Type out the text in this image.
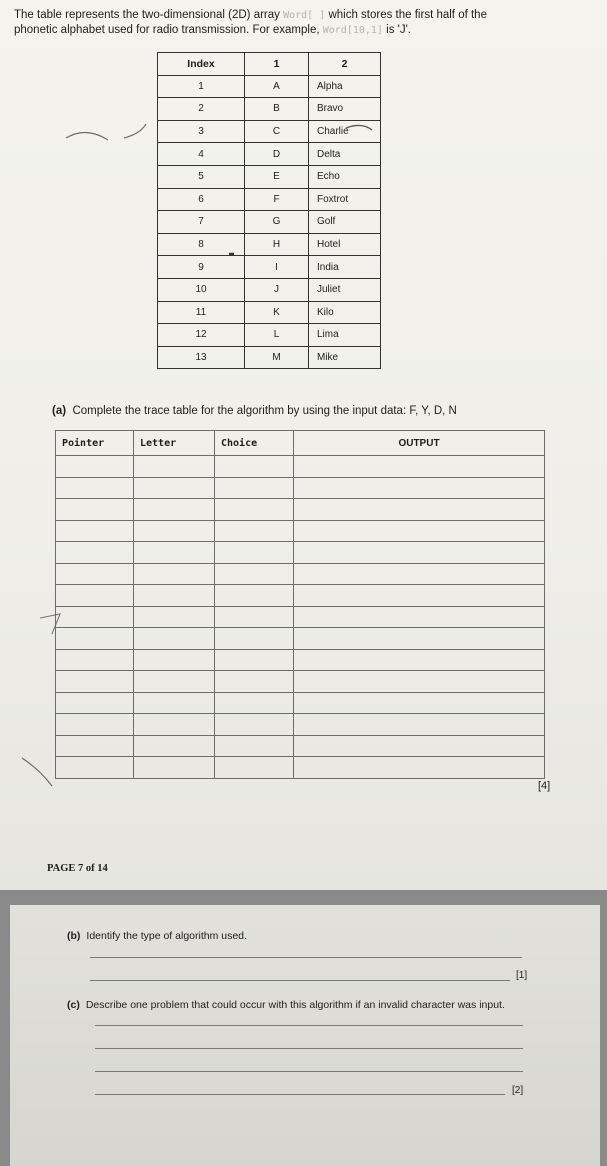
The table represents the two-dimensional (2D) array Word[ ] which stores the first half of the
phonetic alphabet used for radio transmission. For example, Word[10,1] is 'J'.
Index	1	2
1	A	Alpha
2	B	Bravo
3	C	Charlie
4	D	Delta
5	E	Echo
6	F	Foxtrot
7	G	Golf
8	H	Hotel
9	I	India
10	J	Juliet
11	K	Kilo
12	L	Lima
13	M	Mike
(a) Complete the trace table for the algorithm by using the input data: F, Y, D, N
Pointer	Letter	Choice	OUTPUT

[4]
PAGE 7 of 14
(b) Identify the type of algorithm used.
[1]
(c) Describe one problem that could occur with this algorithm if an invalid character was input.
[2]
